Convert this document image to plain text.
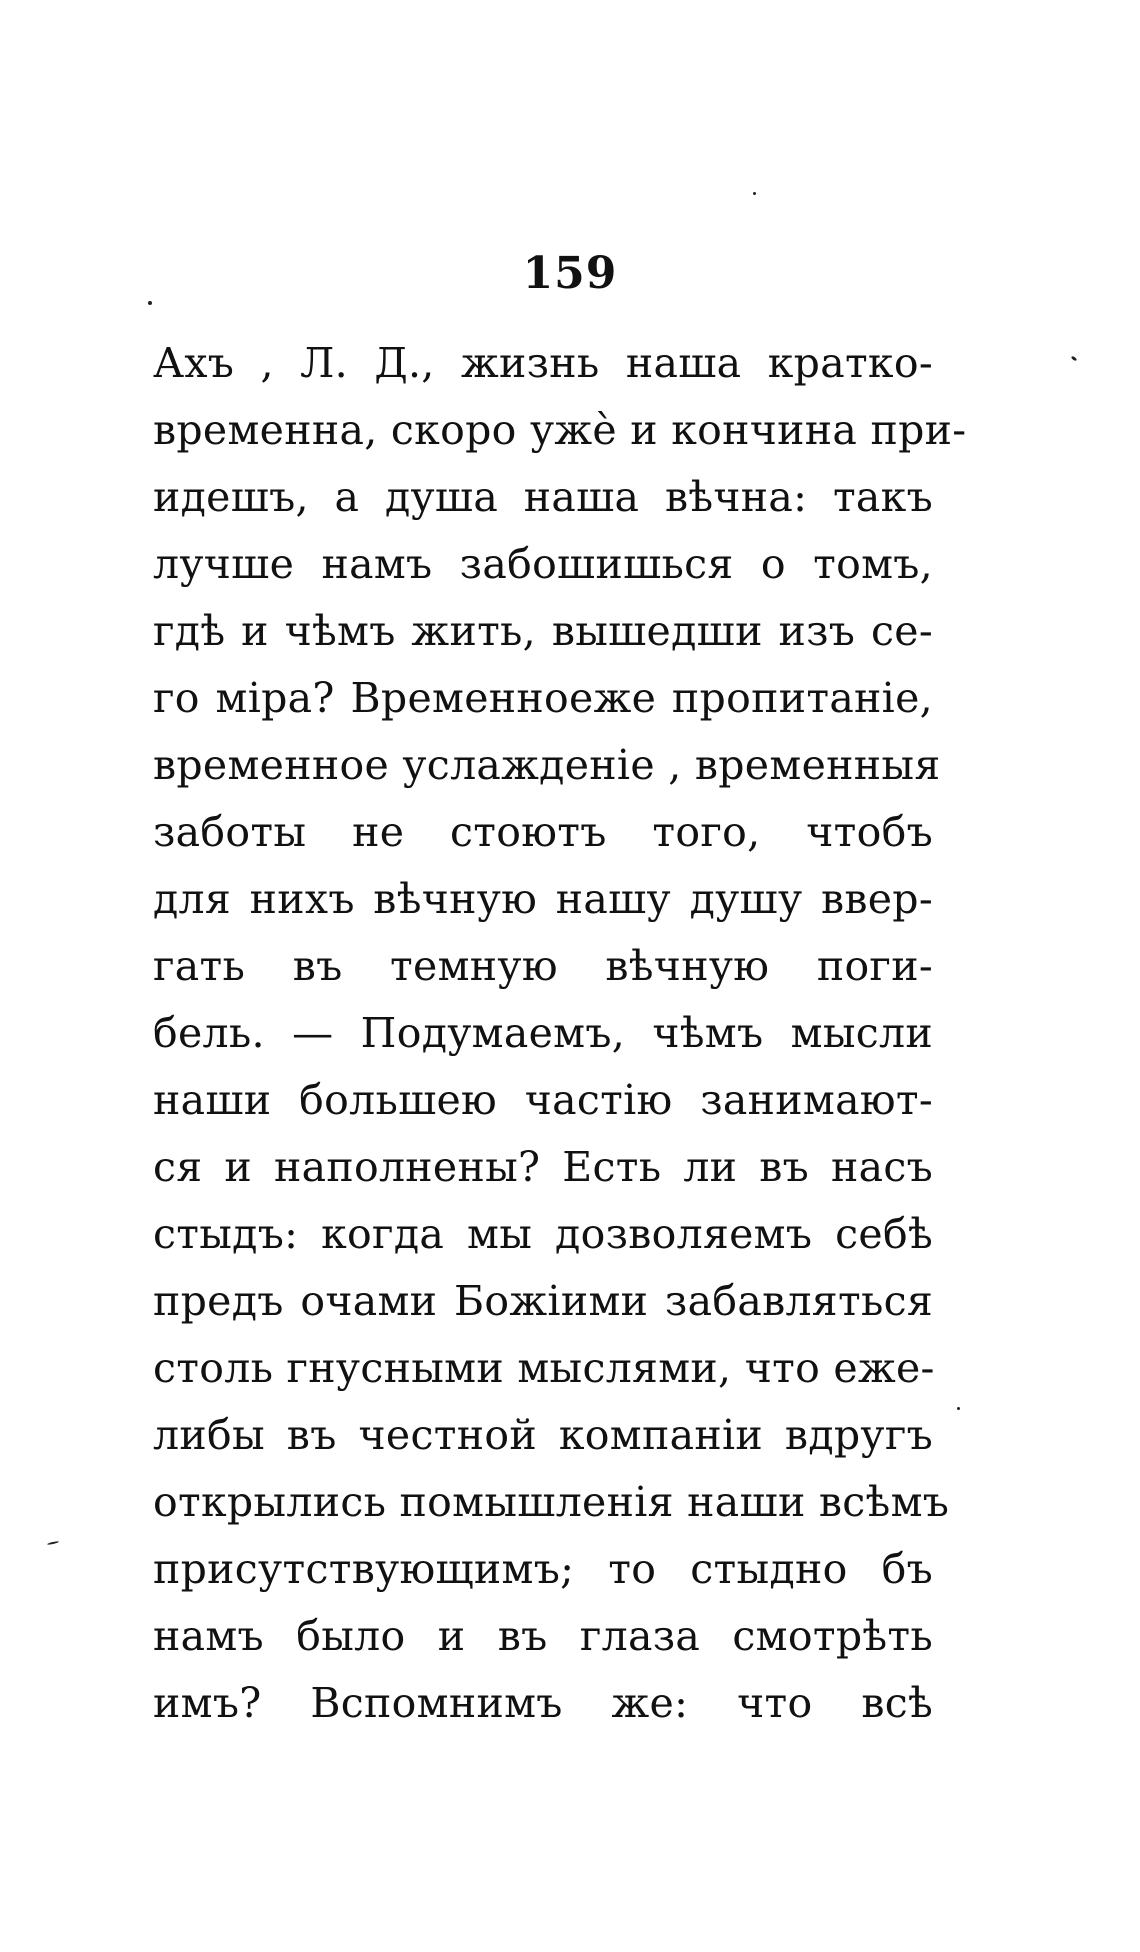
159
Ахъ , Л. Д., жизнь наша кратко-
временна, скоро ужè и кончина при-
идешъ, а душа наша вѣчна: такъ
лучше намъ забошишься о томъ,
гдѣ и чѣмъ жить, вышедши изъ се-
го міра? Временноеже пропитаніе,
временное услажденіе , временныя
заботы не стоютъ того, чтобъ
для нихъ вѣчную нашу душу ввер-
гать въ темную вѣчную поги-
бель. — Подумаемъ, чѣмъ мысли
наши большею частію занимают-
ся и наполнены? Есть ли въ насъ
стыдъ: когда мы дозволяемъ себѣ
предъ очами Божіими забавляться
столь гнусными мыслями, что еже-
либы въ честной компаніи вдругъ
открылись помышленія наши всѣмъ
присутствующимъ; то стыдно бъ
намъ было и въ глаза смотрѣть
имъ? Вспомнимъ же: что всѣ
